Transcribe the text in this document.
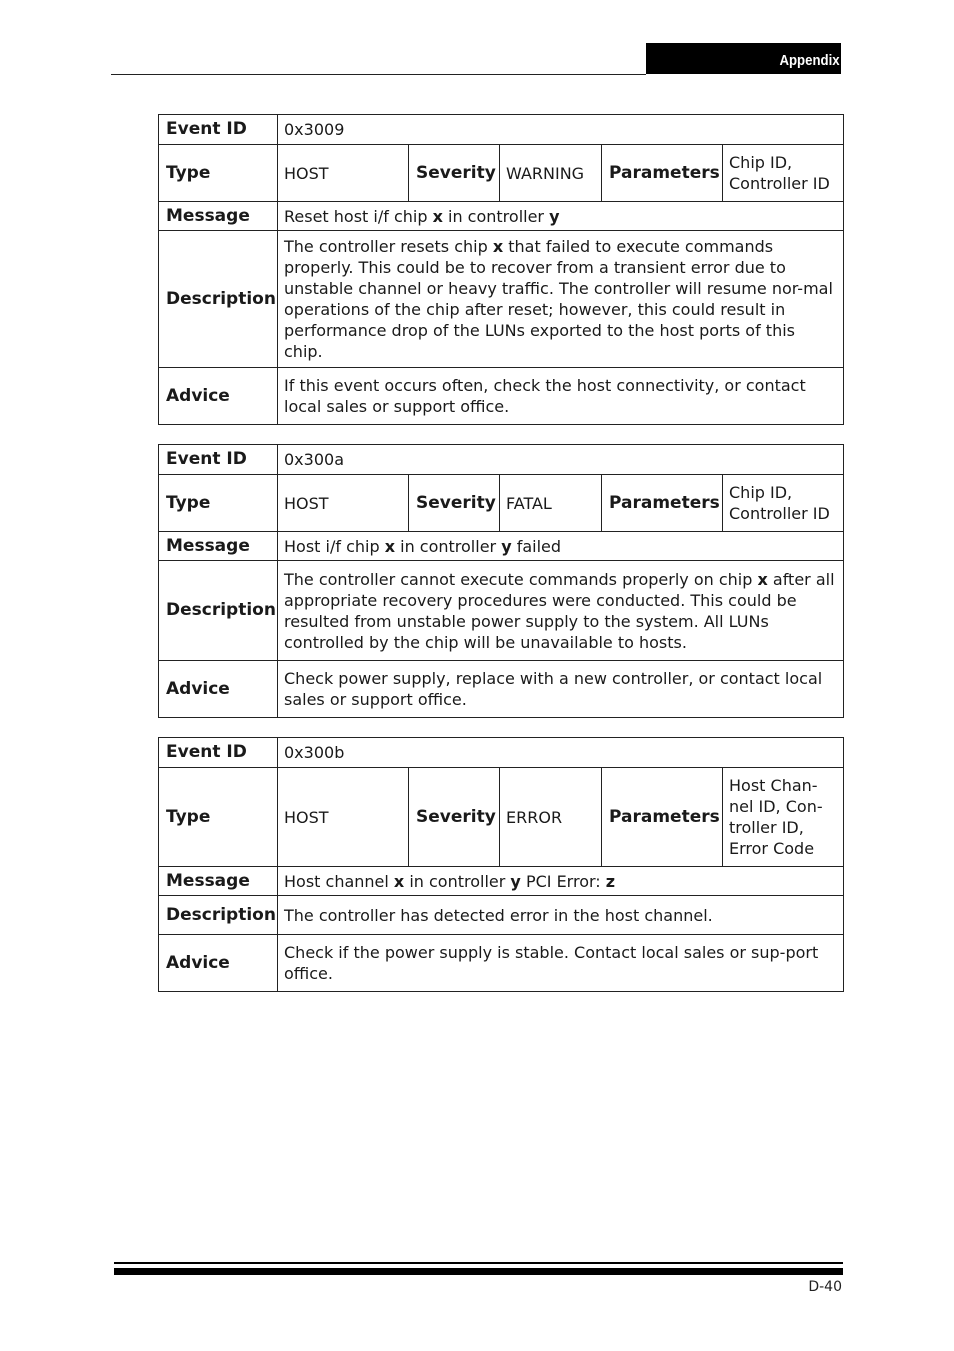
Appendix
Event ID	0x3009				
Type	HOST	Severity	WARNING	Parameters	Chip ID, Controller ID
Message	Reset host i/f chip x in controller y				
Description	The controller resets chip x that failed to execute commands properly. This could be to recover from a transient error due to unstable channel or heavy traffic. The controller will resume nor-mal operations of the chip after reset; however, this could result in performance drop of the LUNs exported to the host ports of this chip.				
Advice	If this event occurs often, check the host connectivity, or contact local sales or support office.				
Event ID	0x300a				
Type	HOST	Severity	FATAL	Parameters	Chip ID, Controller ID
Message	Host i/f chip x in controller y failed				
Description	The controller cannot execute commands properly on chip x after all appropriate recovery procedures were conducted. This could be resulted from unstable power supply to the system. All LUNs controlled by the chip will be unavailable to hosts.				
Advice	Check power supply, replace with a new controller, or contact local sales or support office.				
Event ID	0x300b				
Type	HOST	Severity	ERROR	Parameters	Host Chan-nel ID, Con-troller ID, Error Code
Message	Host channel x in controller y PCI Error: z				
Description	The controller has detected error in the host channel.				
Advice	Check if the power supply is stable. Contact local sales or sup-port office.				
D-40
